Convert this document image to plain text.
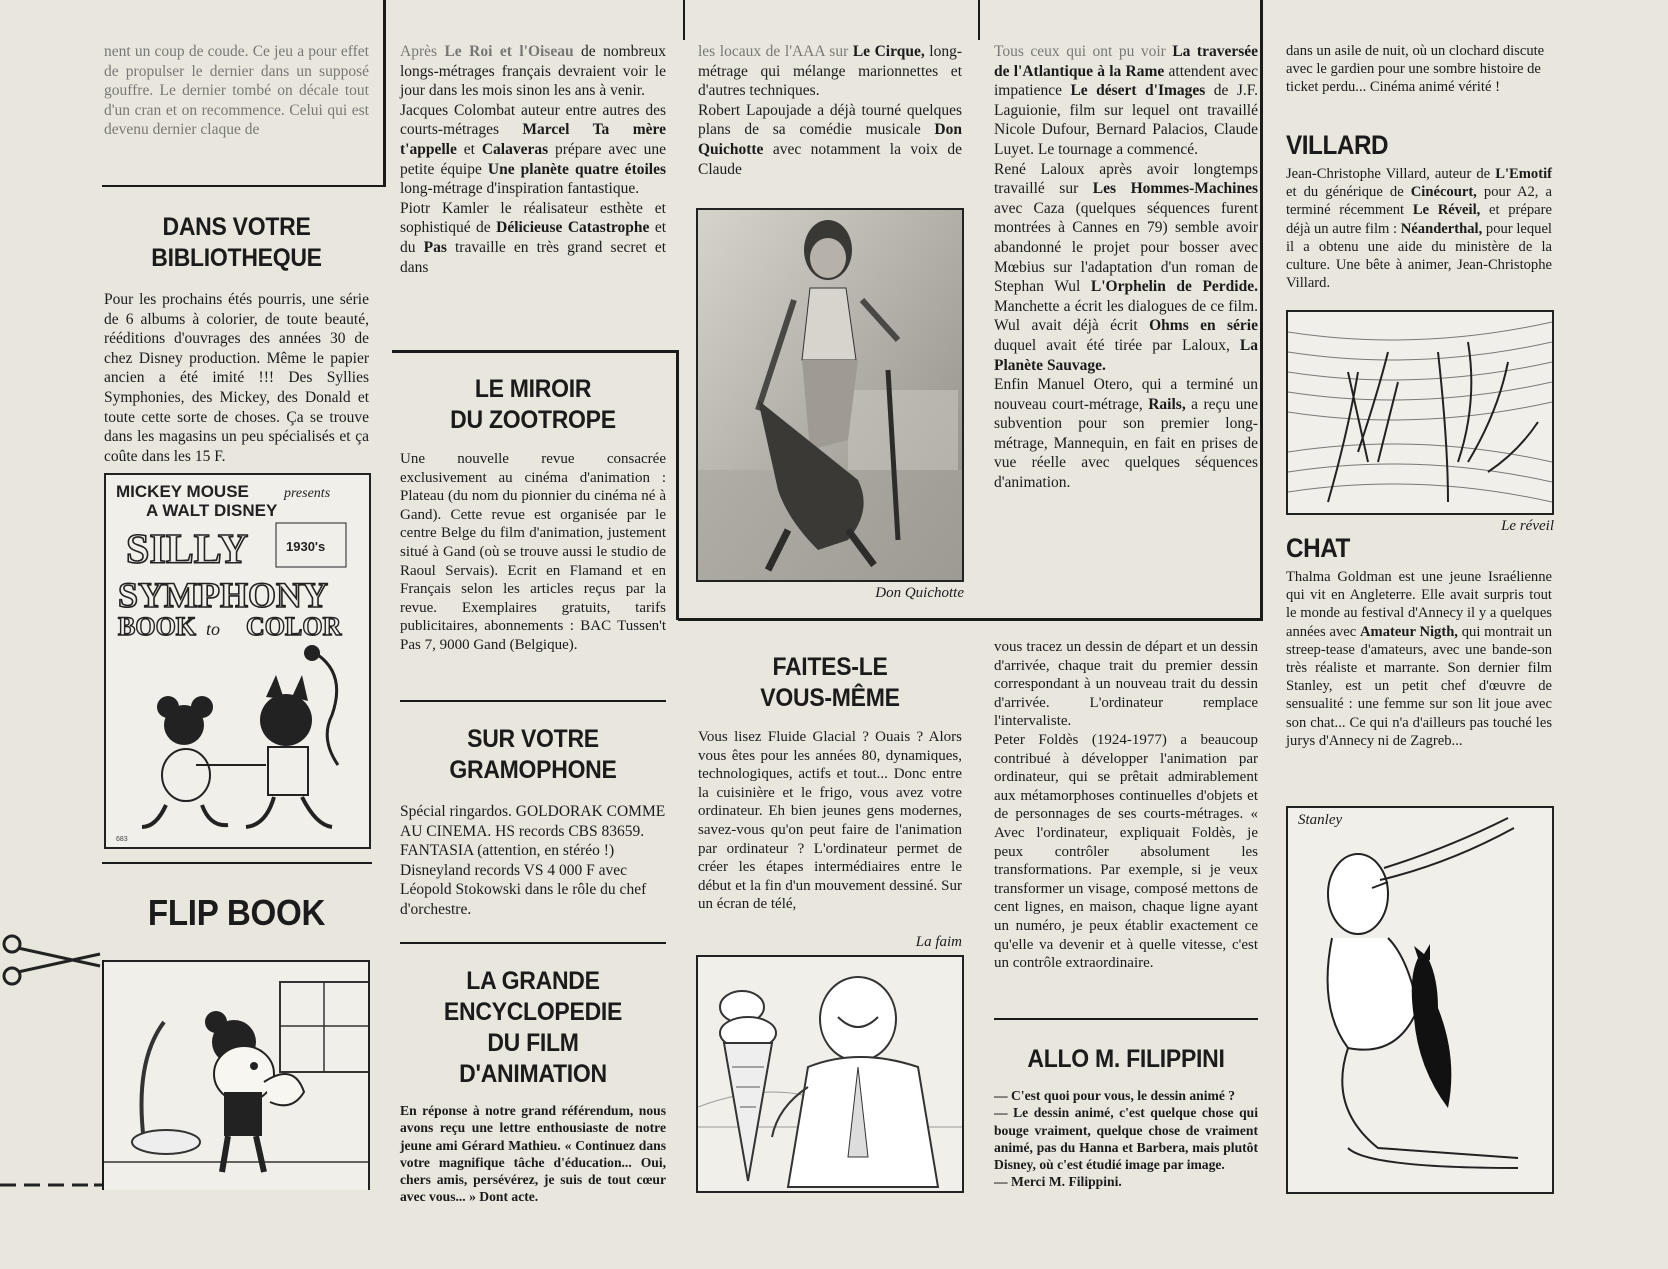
nent un coup de coude. Ce jeu a pour effet de propulser le dernier dans un supposé gouffre. Le dernier tombé on décale tout d'un cran et on recommence. Celui qui est devenu dernier claque de

DANS VOTRE
BIBLIOTHEQUE

Pour les prochains étés pourris, une série de 6 albums à colorier, de toute beauté, rééditions d'ouvrages des années 30 de chez Disney production. Même le papier ancien a été imité !!! Des Syllies Symphonies, des Mickey, des Donald et toute cette sorte de choses. Ça se trouve dans les magasins un peu spécialisés et ça coûte dans les 15 F.

MICKEY MOUSE	presents
A WALT DISNEY
SILLY
SYMPHONY
1930's
BOOK to COLOR
683
FLIP BOOK

Après Le Roi et l'Oiseau de nombreux longs-métrages français devraient voir le jour dans les mois sinon les ans à venir.

Jacques Colombat auteur entre autres des courts-métrages Marcel Ta mère t'appelle et Calaveras prépare avec une petite équipe Une planète quatre étoiles long-métrage d'inspiration fantastique.

Piotr Kamler le réalisateur esthète et sophistiqué de Délicieuse Catastrophe et du Pas travaille en très grand secret et dans

LE MIROIR
DU ZOOTROPE

Une nouvelle revue consacrée exclusivement au cinéma d'animation : Plateau (du nom du pionnier du cinéma né à Gand). Cette revue est organisée par le centre Belge du film d'animation, justement situé à Gand (où se trouve aussi le studio de Raoul Servais). Ecrit en Flamand et en Français selon les articles reçus par la revue. Exemplaires gratuits, tarifs publicitaires, abonnements : BAC Tussen't Pas 7, 9000 Gand (Belgique).

SUR VOTRE
GRAMOPHONE

Spécial ringardos. GOLDORAK COMME AU CINEMA. HS records CBS 83659.

FANTASIA (attention, en stéréo !) Disneyland records VS 4 000 F avec Léopold Stokowski dans le rôle du chef d'orchestre.

LA GRANDE
ENCYCLOPEDIE
DU FILM
D'ANIMATION

En réponse à notre grand référendum, nous avons reçu une lettre enthousiaste de notre jeune ami Gérard Mathieu. « Continuez dans votre magnifique tâche d'éducation... Oui, chers amis, persévérez, je suis de tout cœur avec vous... » Dont acte.

les locaux de l'AAA sur Le Cirque, long-métrage qui mélange marionnettes et d'autres techniques.

Robert Lapoujade a déjà tourné quelques plans de sa comédie musicale Don Quichotte avec notamment la voix de Claude

Don Quichotte
FAITES-LE
VOUS-MÊME

Vous lisez Fluide Glacial ? Ouais ? Alors vous êtes pour les années 80, dynamiques, technologiques, actifs et tout... Donc entre la cuisinière et le frigo, vous avez votre ordinateur. Eh bien jeunes gens modernes, savez-vous qu'on peut faire de l'animation par ordinateur ? L'ordinateur permet de créer les étapes intermédiaires entre le début et la fin d'un mouvement dessiné. Sur un écran de télé,

La faim

Tous ceux qui ont pu voir La traversée de l'Atlantique à la Rame attendent avec impatience Le désert d'Images de J.F. Laguionie, film sur lequel ont travaillé Nicole Dufour, Bernard Palacios, Claude Luyet. Le tournage a commencé.

René Laloux après avoir longtemps travaillé sur Les Hommes-Machines avec Caza (quelques séquences furent montrées à Cannes en 79) semble avoir abandonné le projet pour bosser avec Mœbius sur l'adaptation d'un roman de Stephan Wul L'Orphelin de Perdide. Manchette a écrit les dialogues de ce film. Wul avait déjà écrit Ohms en série duquel avait été tirée par Laloux, La Planète Sauvage.

Enfin Manuel Otero, qui a terminé un nouveau court-métrage, Rails, a reçu une subvention pour son premier long-métrage, Mannequin, en fait en prises de vue réelle avec quelques séquences d'animation.

vous tracez un dessin de départ et un dessin d'arrivée, chaque trait du premier dessin correspondant à un nouveau trait du dessin d'arrivée. L'ordinateur remplace l'intervaliste.

Peter Foldès (1924-1977) a beaucoup contribué à développer l'animation par ordinateur, qui se prêtait admirablement aux métamorphoses continuelles d'objets et de personnages de ses courts-métrages. « Avec l'ordinateur, expliquait Foldès, je peux contrôler absolument les transformations. Par exemple, si je veux transformer un visage, composé mettons de cent lignes, en maison, chaque ligne ayant un numéro, je peux établir exactement ce qu'elle va devenir et à quelle vitesse, c'est un contrôle extraordinaire.

ALLO M. FILIPPINI

— C'est quoi pour vous, le dessin animé ?

— Le dessin animé, c'est quelque chose qui bouge vraiment, quelque chose de vraiment animé, pas du Hanna et Barbera, mais plutôt Disney, où c'est étudié image par image.

— Merci M. Filippini.

dans un asile de nuit, où un clochard discute avec le gardien pour une sombre histoire de ticket perdu... Cinéma animé vérité !

VILLARD

Jean-Christophe Villard, auteur de L'Emotif et du générique de Cinécourt, pour A2, a terminé récemment Le Réveil, et prépare déjà un autre film : Néanderthal, pour lequel il a obtenu une aide du ministère de la culture. Une bête à animer, Jean-Christophe Villard.

Le réveil
CHAT

Thalma Goldman est une jeune Israélienne qui vit en Angleterre. Elle avait surpris tout le monde au festival d'Annecy il y a quelques années avec Amateur Nigth, qui montrait un streep-tease d'amateurs, avec une bande-son très réaliste et marrante. Son dernier film Stanley, est un petit chef d'œuvre de sensualité : une femme sur son lit joue avec son chat... Ce qui n'a d'ailleurs pas touché les jurys d'Annecy ni de Zagreb...

Stanley
